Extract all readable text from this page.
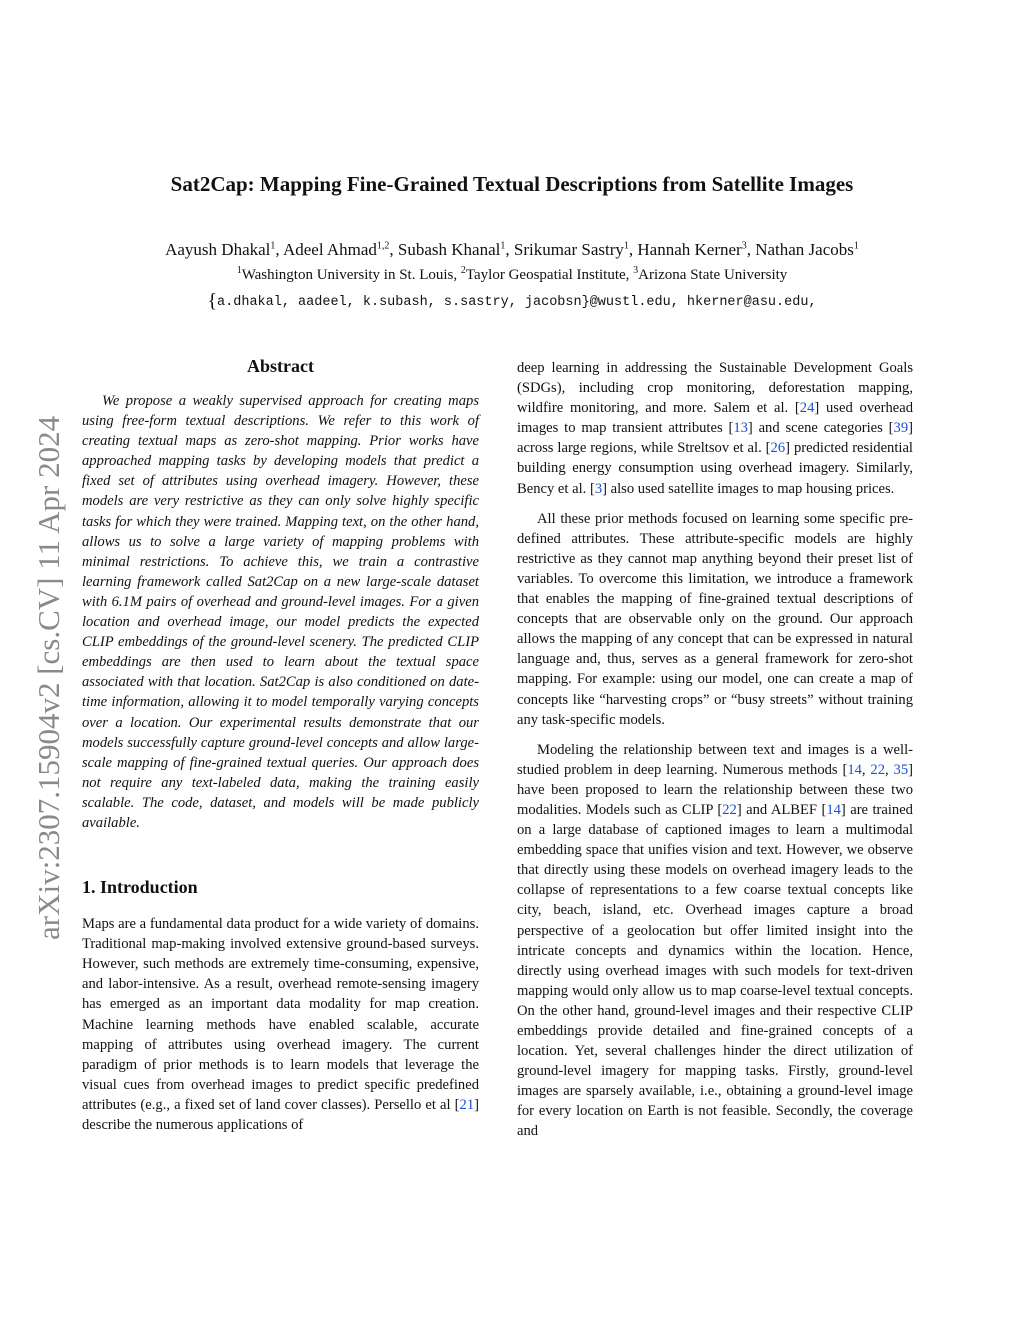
Sat2Cap: Mapping Fine-Grained Textual Descriptions from Satellite Images
Aayush Dhakal$^1$, Adeel Ahmad$^{1,2}$, Subash Khanal$^1$, Srikumar Sastry$^1$, Hannah Kerner$^3$, Nathan Jacobs$^1$
$^1$Washington University in St. Louis, $^2$Taylor Geospatial Institute, $^3$Arizona State University
{a.dhakal, aadeel, k.subash, s.sastry, jacobsn}@wustl.edu, hkerner@asu.edu,
arXiv:2307.15904v2 [cs.CV] 11 Apr 2024
Abstract

We propose a weakly supervised approach for creating maps using free-form textual descriptions. We refer to this work of creating textual maps as zero-shot mapping. Prior works have approached mapping tasks by developing models that predict a fixed set of attributes using overhead imagery. However, these models are very restrictive as they can only solve highly specific tasks for which they were trained. Mapping text, on the other hand, allows us to solve a large variety of mapping problems with minimal restrictions. To achieve this, we train a contrastive learning framework called Sat2Cap on a new large-scale dataset with 6.1M pairs of overhead and ground-level images. For a given location and overhead image, our model predicts the expected CLIP embeddings of the ground-level scenery. The predicted CLIP embeddings are then used to learn about the textual space associated with that location. Sat2Cap is also conditioned on date-time information, allowing it to model temporally varying concepts over a location. Our experimental results demonstrate that our models successfully capture ground-level concepts and allow large-scale mapping of fine-grained textual queries. Our approach does not require any text-labeled data, making the training easily scalable. The code, dataset, and models will be made publicly available.

1. Introduction

Maps are a fundamental data product for a wide variety of domains. Traditional map-making involved extensive ground-based surveys. However, such methods are extremely time-consuming, expensive, and labor-intensive. As a result, overhead remote-sensing imagery has emerged as an important data modality for map creation. Machine learning methods have enabled scalable, accurate mapping of attributes using overhead imagery. The current paradigm of prior methods is to learn models that leverage the visual cues from overhead images to predict specific predefined attributes (e.g., a fixed set of land cover classes). Persello et al [21] describe the numerous applications of

deep learning in addressing the Sustainable Development Goals (SDGs), including crop monitoring, deforestation mapping, wildfire monitoring, and more. Salem et al. [24] used overhead images to map transient attributes [13] and scene categories [39] across large regions, while Streltsov et al. [26] predicted residential building energy consumption using overhead imagery. Similarly, Bency et al. [3] also used satellite images to map housing prices.

All these prior methods focused on learning some specific pre-defined attributes. These attribute-specific models are highly restrictive as they cannot map anything beyond their preset list of variables. To overcome this limitation, we introduce a framework that enables the mapping of fine-grained textual descriptions of concepts that are observable only on the ground. Our approach allows the mapping of any concept that can be expressed in natural language and, thus, serves as a general framework for zero-shot mapping. For example: using our model, one can create a map of concepts like “harvesting crops” or “busy streets” without training any task-specific models.

Modeling the relationship between text and images is a well-studied problem in deep learning. Numerous methods [14, 22, 35] have been proposed to learn the relationship between these two modalities. Models such as CLIP [22] and ALBEF [14] are trained on a large database of captioned images to learn a multimodal embedding space that unifies vision and text. However, we observe that directly using these models on overhead imagery leads to the collapse of representations to a few coarse textual concepts like city, beach, island, etc. Overhead images capture a broad perspective of a geolocation but offer limited insight into the intricate concepts and dynamics within the location. Hence, directly using overhead images with such models for text-driven mapping would only allow us to map coarse-level textual concepts. On the other hand, ground-level images and their respective CLIP embeddings provide detailed and fine-grained concepts of a location. Yet, several challenges hinder the direct utilization of ground-level imagery for mapping tasks. Firstly, ground-level images are sparsely available, i.e., obtaining a ground-level image for every location on Earth is not feasible. Secondly, the coverage and
